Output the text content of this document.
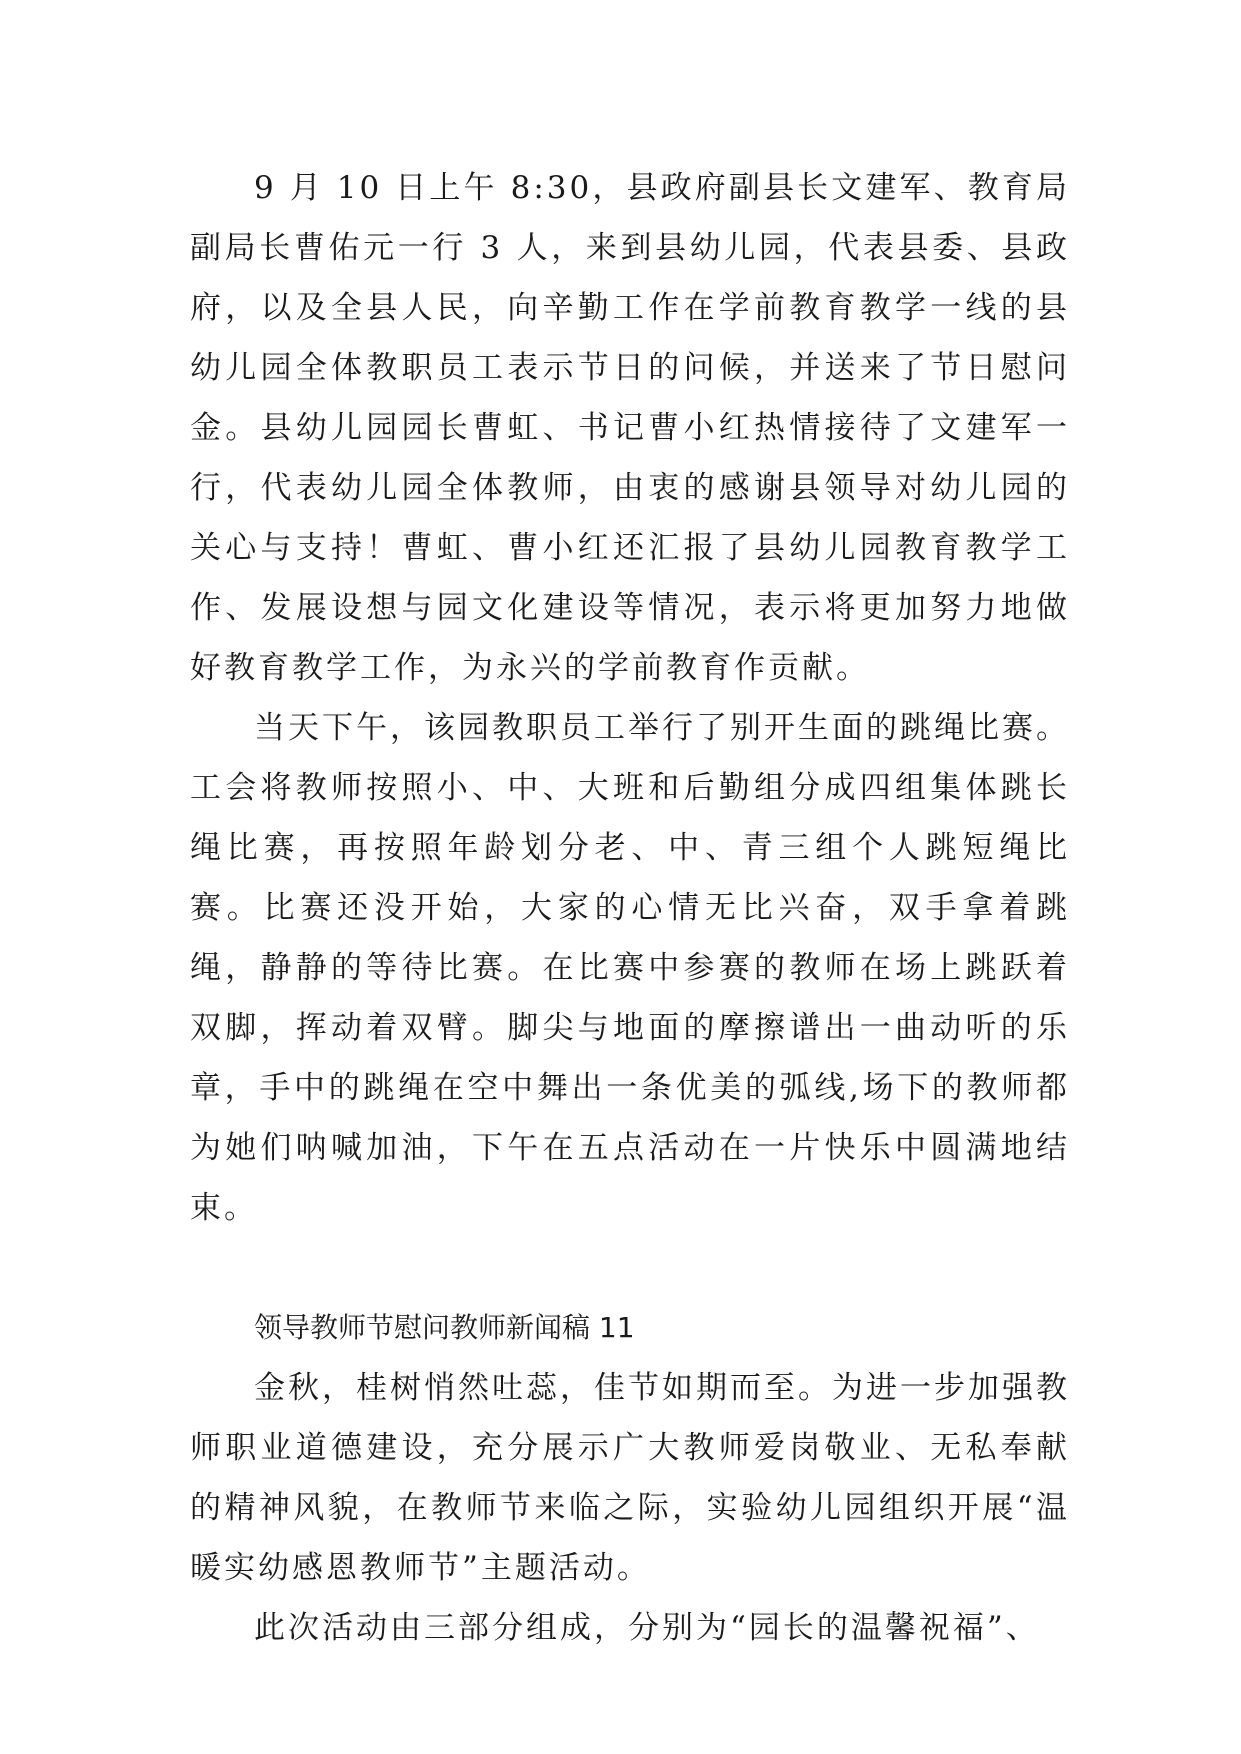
9 月 10 日上午 8:30，县政府副县长文建军、教育局副局长曹佑元一行 3 人，来到县幼儿园，代表县委、县政府，以及全县人民，向辛勤工作在学前教育教学一线的县幼儿园全体教职员工表示节日的问候，并送来了节日慰问金。县幼儿园园长曹虹、书记曹小红热情接待了文建军一行，代表幼儿园全体教师，由衷的感谢县领导对幼儿园的关心与支持！曹虹、曹小红还汇报了县幼儿园教育教学工作、发展设想与园文化建设等情况，表示将更加努力地做好教育教学工作，为永兴的学前教育作贡献。

当天下午，该园教职员工举行了别开生面的跳绳比赛。工会将教师按照小、中、大班和后勤组分成四组集体跳长绳比赛，再按照年龄划分老、中、青三组个人跳短绳比赛。比赛还没开始，大家的心情无比兴奋，双手拿着跳绳，静静的等待比赛。在比赛中参赛的教师在场上跳跃着双脚，挥动着双臂。脚尖与地面的摩擦谱出一曲动听的乐章，手中的跳绳在空中舞出一条优美的弧线,场下的教师都为她们呐喊加油，下午在五点活动在一片快乐中圆满地结束。

领导教师节慰问教师新闻稿 11

金秋，桂树悄然吐蕊，佳节如期而至。为进一步加强教师职业道德建设，充分展示广大教师爱岗敬业、无私奉献的精神风貌，在教师节来临之际，实验幼儿园组织开展“温暖实幼感恩教师节”主题活动。

此次活动由三部分组成，分别为“园长的温馨祝福”、
